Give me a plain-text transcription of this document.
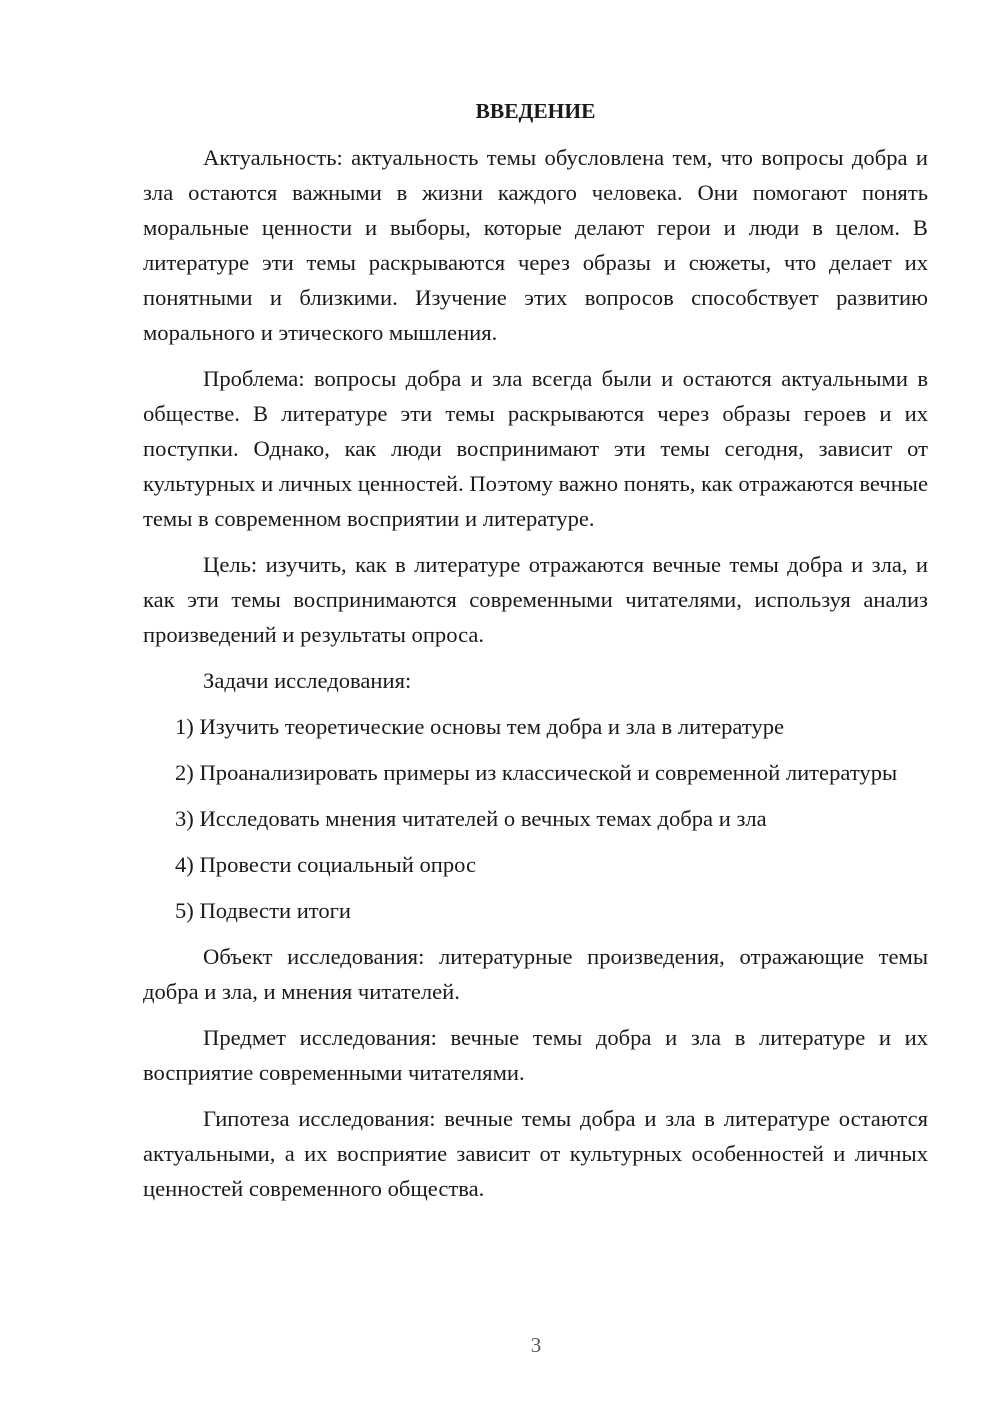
ВВЕДЕНИЕ

Актуальность: актуальность темы обусловлена тем, что вопросы добра и зла остаются важными в жизни каждого человека. Они помогают понять моральные ценности и выборы, которые делают герои и люди в целом. В литературе эти темы раскрываются через образы и сюжеты, что делает их понятными и близкими. Изучение этих вопросов способствует развитию морального и этического мышления.

Проблема: вопросы добра и зла всегда были и остаются актуальными в обществе. В литературе эти темы раскрываются через образы героев и их поступки. Однако, как люди воспринимают эти темы сегодня, зависит от культурных и личных ценностей. Поэтому важно понять, как отражаются вечные темы в современном восприятии и литературе.

Цель: изучить, как в литературе отражаются вечные темы добра и зла, и как эти темы воспринимаются современными читателями, используя анализ произведений и результаты опроса.

Задачи исследования:

1) Изучить теоретические основы тем добра и зла в литературе

2) Проанализировать примеры из классической и современной литературы

3) Исследовать мнения читателей о вечных темах добра и зла

4) Провести социальный опрос

5) Подвести итоги

Объект исследования: литературные произведения, отражающие темы добра и зла, и мнения читателей.

Предмет исследования: вечные темы добра и зла в литературе и их восприятие современными читателями.

Гипотеза исследования: вечные темы добра и зла в литературе остаются актуальными, а их восприятие зависит от культурных особенностей и личных ценностей современного общества.

3
